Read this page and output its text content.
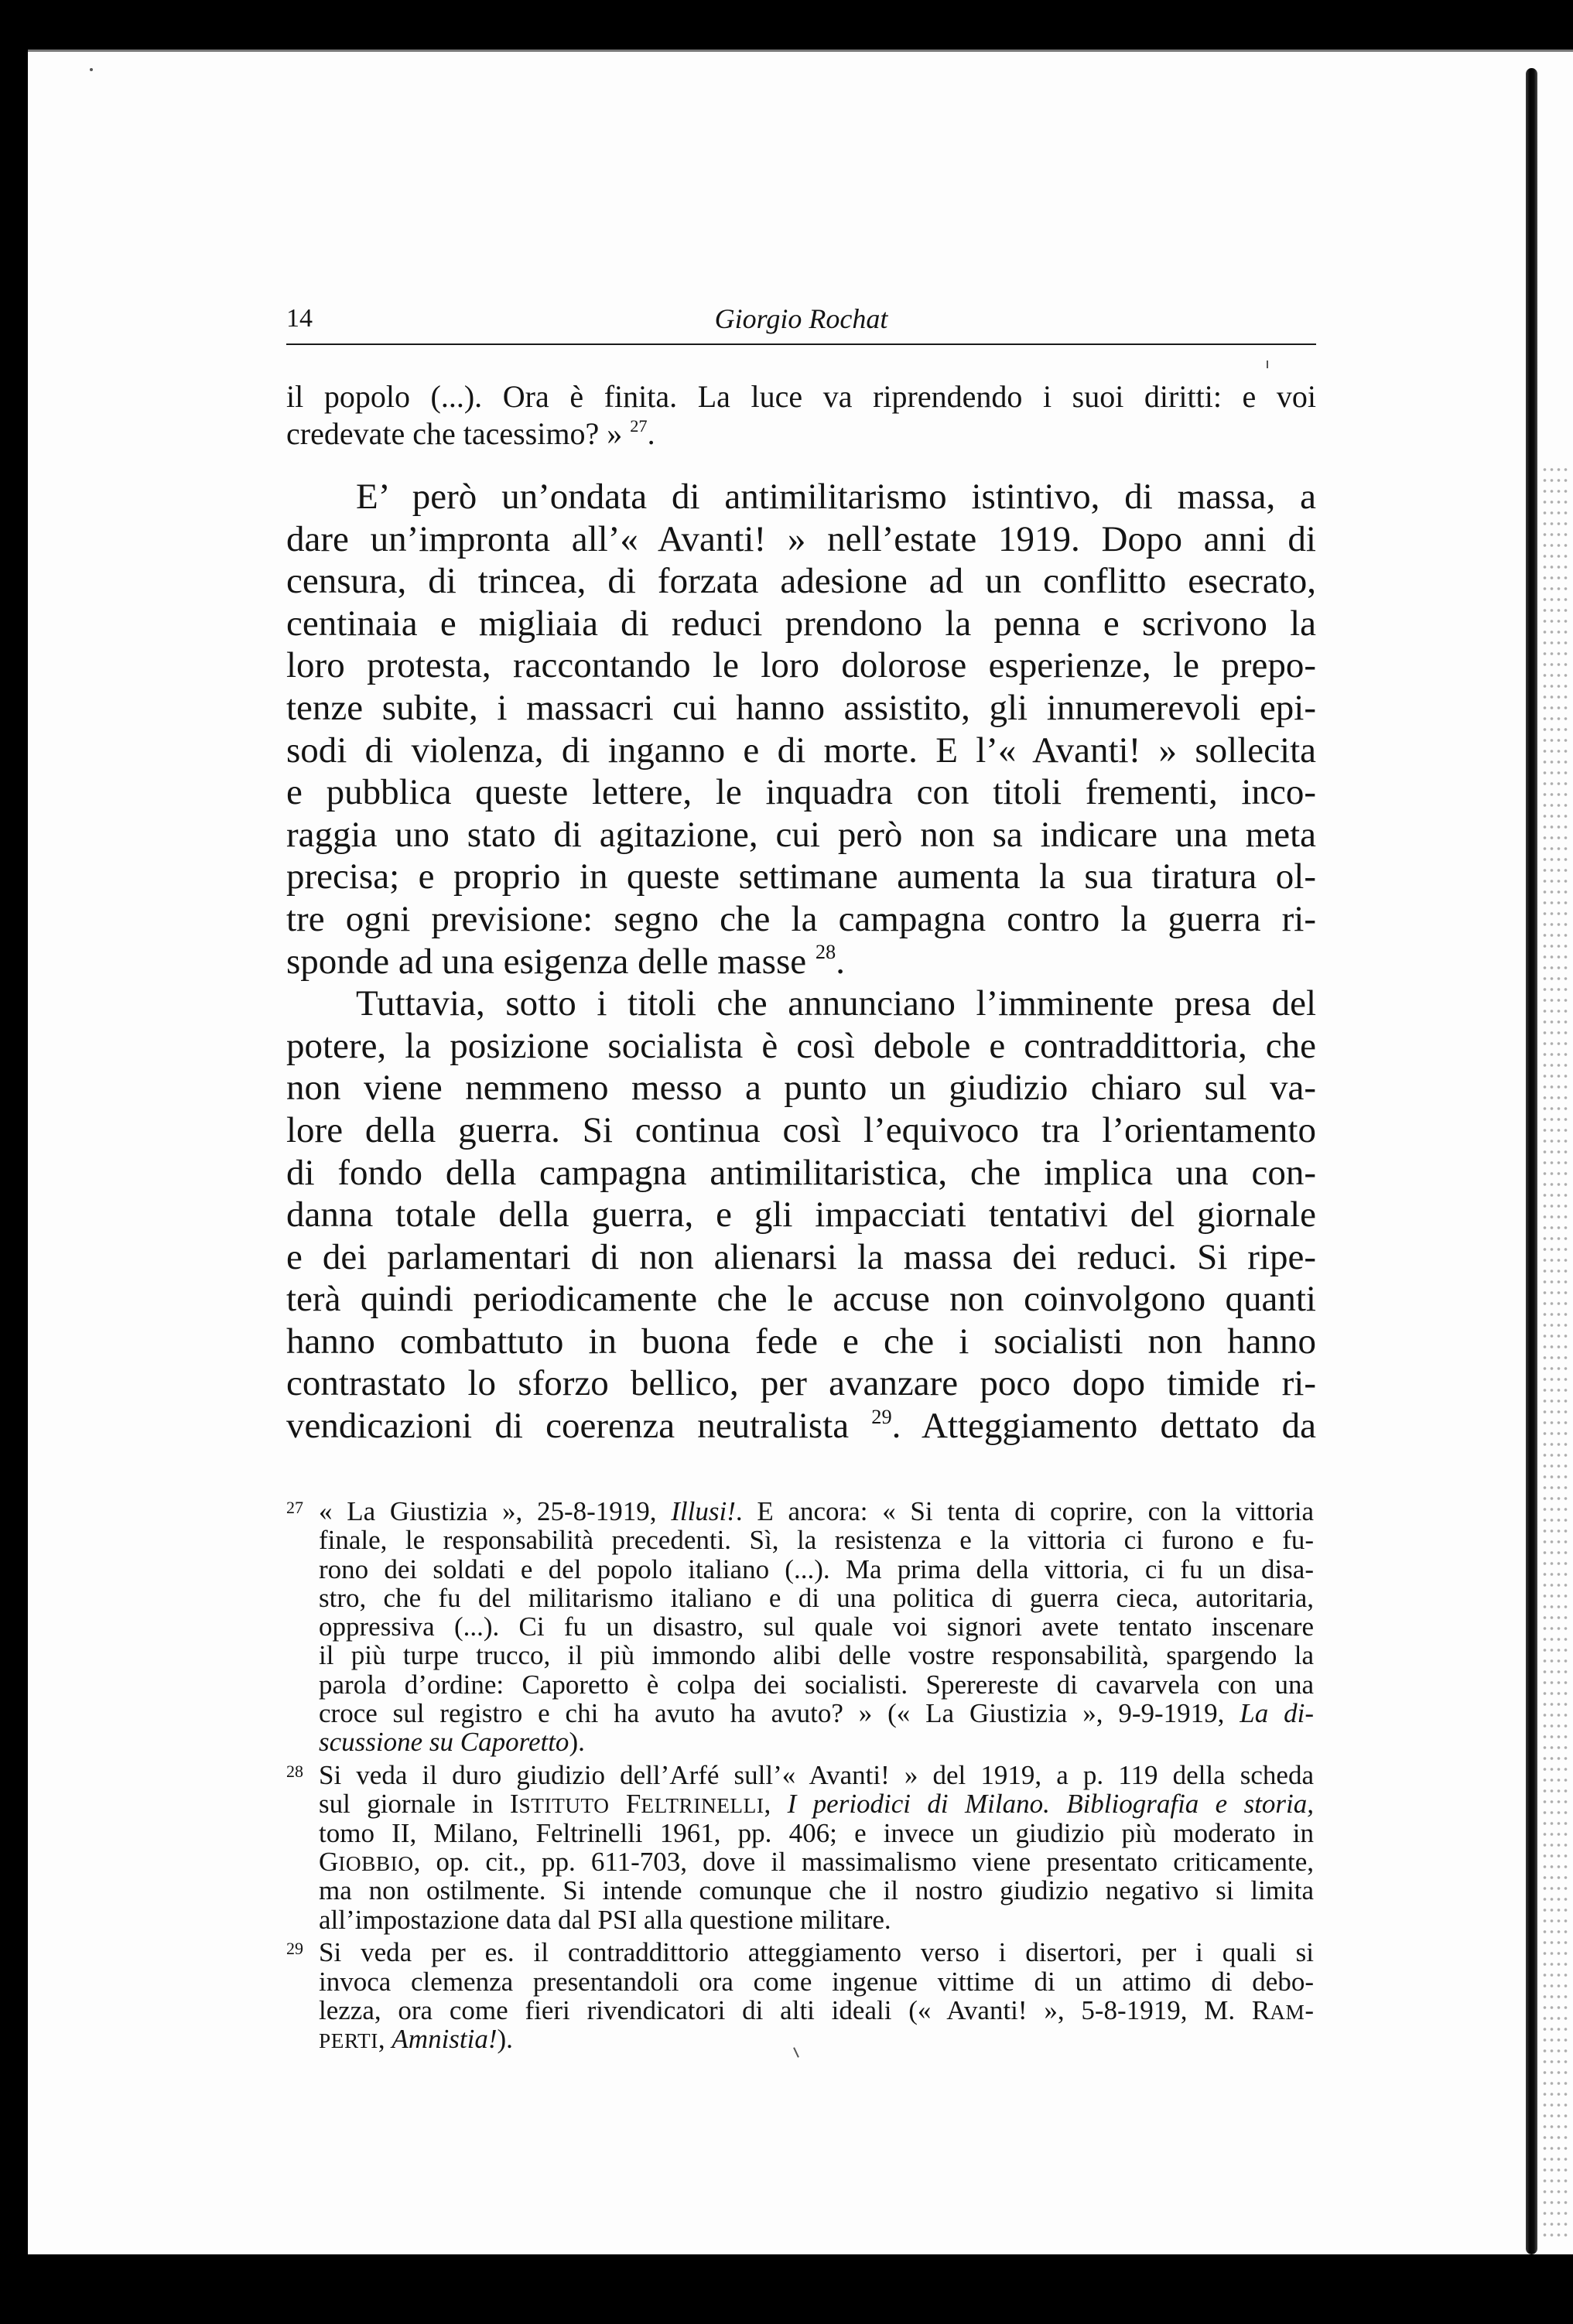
14	Giorgio Rochat
il popolo (...). Ora è finita. La luce va riprendendo i suoi diritti: e voi
credevate che tacessimo? » $^{27}$.
E’ però un’ondata di antimilitarismo istintivo, di massa, a
dare un’impronta all’« Avanti! » nell’estate 1919. Dopo anni di
censura, di trincea, di forzata adesione ad un conflitto esecrato,
centinaia e migliaia di reduci prendono la penna e scrivono la
loro protesta, raccontando le loro dolorose esperienze, le prepo-
tenze subite, i massacri cui hanno assistito, gli innumerevoli epi-
sodi di violenza, di inganno e di morte. E l’« Avanti! » sollecita
e pubblica queste lettere, le inquadra con titoli frementi, inco-
raggia uno stato di agitazione, cui però non sa indicare una meta
precisa; e proprio in queste settimane aumenta la sua tiratura ol-
tre ogni previsione: segno che la campagna contro la guerra ri-
sponde ad una esigenza delle masse $^{28}$.
Tuttavia, sotto i titoli che annunciano l’imminente presa del
potere, la posizione socialista è così debole e contraddittoria, che
non viene nemmeno messo a punto un giudizio chiaro sul va-
lore della guerra. Si continua così l’equivoco tra l’orientamento
di fondo della campagna antimilitaristica, che implica una con-
danna totale della guerra, e gli impacciati tentativi del giornale
e dei parlamentari di non alienarsi la massa dei reduci. Si ripe-
terà quindi periodicamente che le accuse non coinvolgono quanti
hanno combattuto in buona fede e che i socialisti non hanno
contrastato lo sforzo bellico, per avanzare poco dopo timide ri-
vendicazioni di coerenza neutralista $^{29}$. Atteggiamento dettato da
27 « La Giustizia », 25-8-1919, Illusi!. E ancora: « Si tenta di coprire, con la vittoria
finale, le responsabilità precedenti. Sì, la resistenza e la vittoria ci furono e fu-
rono dei soldati e del popolo italiano (...). Ma prima della vittoria, ci fu un disa-
stro, che fu del militarismo italiano e di una politica di guerra cieca, autoritaria,
oppressiva (...). Ci fu un disastro, sul quale voi signori avete tentato inscenare
il più turpe trucco, il più immondo alibi delle vostre responsabilità, spargendo la
parola d’ordine: Caporetto è colpa dei socialisti. Sperereste di cavarvela con una
croce sul registro e chi ha avuto ha avuto? » (« La Giustizia », 9-9-1919, La di-
scussione su Caporetto).
28 Si veda il duro giudizio dell’Arfé sull’« Avanti! » del 1919, a p. 119 della scheda
sul giornale in ISTITUTO FELTRINELLI, I periodici di Milano. Bibliografia e storia,
tomo II, Milano, Feltrinelli 1961, pp. 406; e invece un giudizio più moderato in
GIOBBIO, op. cit., pp. 611-703, dove il massimalismo viene presentato criticamente,
ma non ostilmente. Si intende comunque che il nostro giudizio negativo si limita
all’impostazione data dal PSI alla questione militare.
29 Si veda per es. il contraddittorio atteggiamento verso i disertori, per i quali si
invoca clemenza presentandoli ora come ingenue vittime di un attimo di debo-
lezza, ora come fieri rivendicatori di alti ideali (« Avanti! », 5-8-1919, M. RAM-
PERTI, Amnistia!).
